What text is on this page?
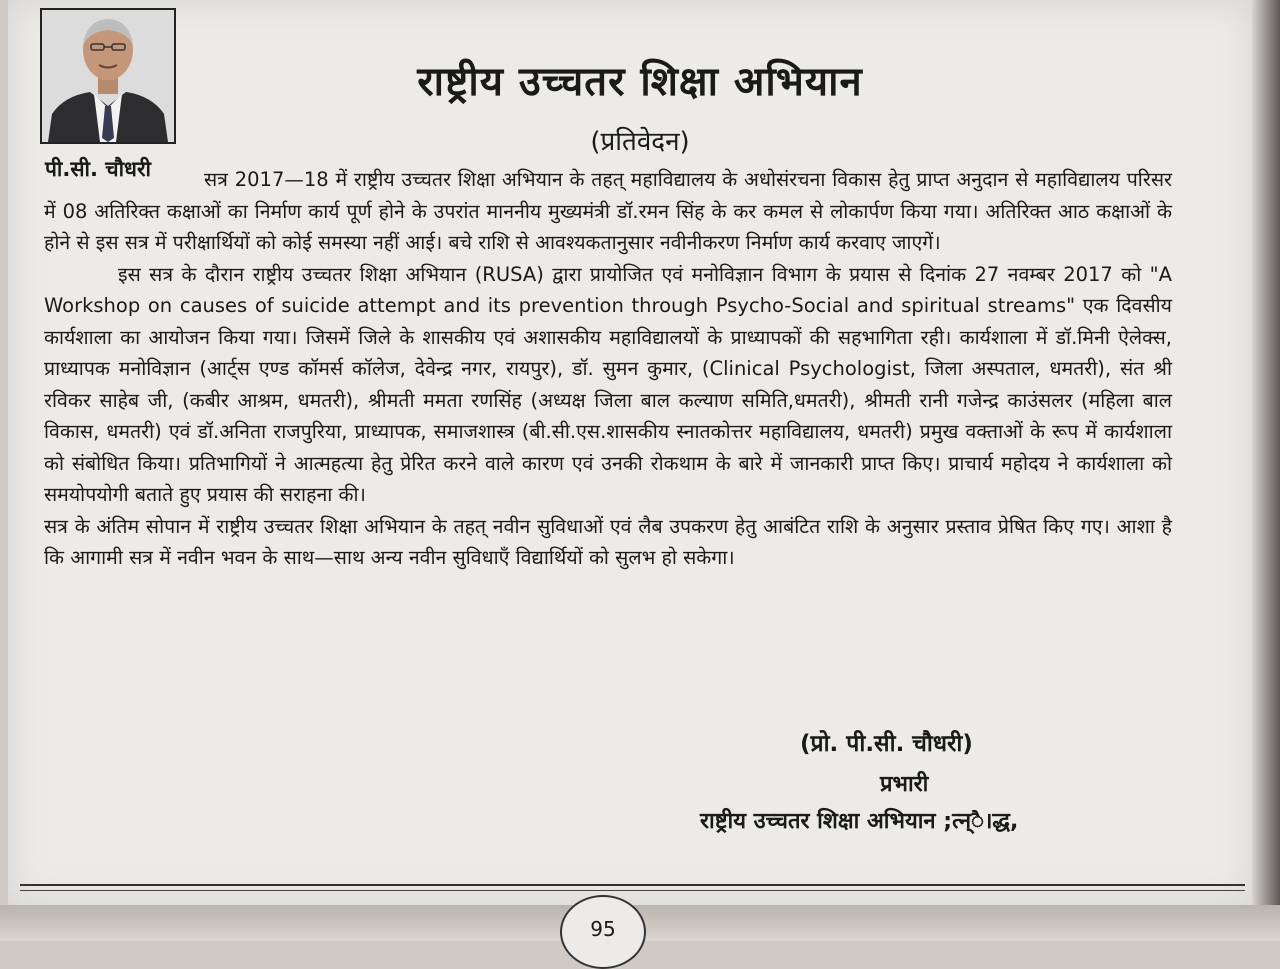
पी.सी. चौधरी
राष्ट्रीय उच्चतर शिक्षा अभियान
(प्रतिवेदन)

सत्र 2017—18 में राष्ट्रीय उच्चतर शिक्षा अभियान के तहत् महाविद्यालय के अधोसंरचना विकास हेतु प्राप्त अनुदान से महाविद्यालय परिसर में 08 अतिरिक्त कक्षाओं का निर्माण कार्य पूर्ण होने के उपरांत माननीय मुख्यमंत्री डॉ.रमन सिंह के कर कमल से लोकार्पण किया गया। अतिरिक्त आठ कक्षाओं के होने से इस सत्र में परीक्षार्थियों को कोई समस्या नहीं आई। बचे राशि से आवश्यकतानुसार नवीनीकरण निर्माण कार्य करवाए जाएगें।

इस सत्र के दौरान राष्ट्रीय उच्चतर शिक्षा अभियान (RUSA) द्वारा प्रायोजित एवं मनोविज्ञान विभाग के प्रयास से दिनांक 27 नवम्बर 2017 को "A Workshop on causes of suicide attempt and its prevention through Psycho-Social and spiritual streams" एक दिवसीय कार्यशाला का आयोजन किया गया। जिसमें जिले के शासकीय एवं अशासकीय महाविद्यालयों के प्राध्यापकों की सहभागिता रही। कार्यशाला में डॉ.मिनी ऐलेक्स, प्राध्यापक मनोविज्ञान (आर्ट्स एण्ड कॉमर्स कॉलेज, देवेन्द्र नगर, रायपुर), डॉ. सुमन कुमार, (Clinical Psychologist, जिला अस्पताल, धमतरी), संत श्री रविकर साहेब जी, (कबीर आश्रम, धमतरी), श्रीमती ममता रणसिंह (अध्यक्ष जिला बाल कल्याण समिति,धमतरी), श्रीमती रानी गजेन्द्र काउंसलर (महिला बाल विकास, धमतरी) एवं डॉ.अनिता राजपुरिया, प्राध्यापक, समाजशास्त्र (बी.सी.एस.शासकीय स्नातकोत्तर महाविद्यालय, धमतरी) प्रमुख वक्ताओं के रूप में कार्यशाला को संबोधित किया। प्रतिभागियों ने आत्महत्या हेतु प्रेरित करने वाले कारण एवं उनकी रोकथाम के बारे में जानकारी प्राप्त किए। प्राचार्य महोदय ने कार्यशाला को समयोपयोगी बताते हुए प्रयास की सराहना की।

सत्र के अंतिम सोपान में राष्ट्रीय उच्चतर शिक्षा अभियान के तहत् नवीन सुविधाओं एवं लैब उपकरण हेतु आबंटित राशि के अनुसार प्रस्ताव प्रेषित किए गए। आशा है कि आगामी सत्र में नवीन भवन के साथ—साथ अन्य नवीन सुविधाएँ विद्यार्थियों को सुलभ हो सकेगा।

(प्रो. पी.सी. चौधरी)
प्रभारी
राष्ट्रीय उच्चतर शिक्षा अभियान ;त्न्ै।द्ध,
95
